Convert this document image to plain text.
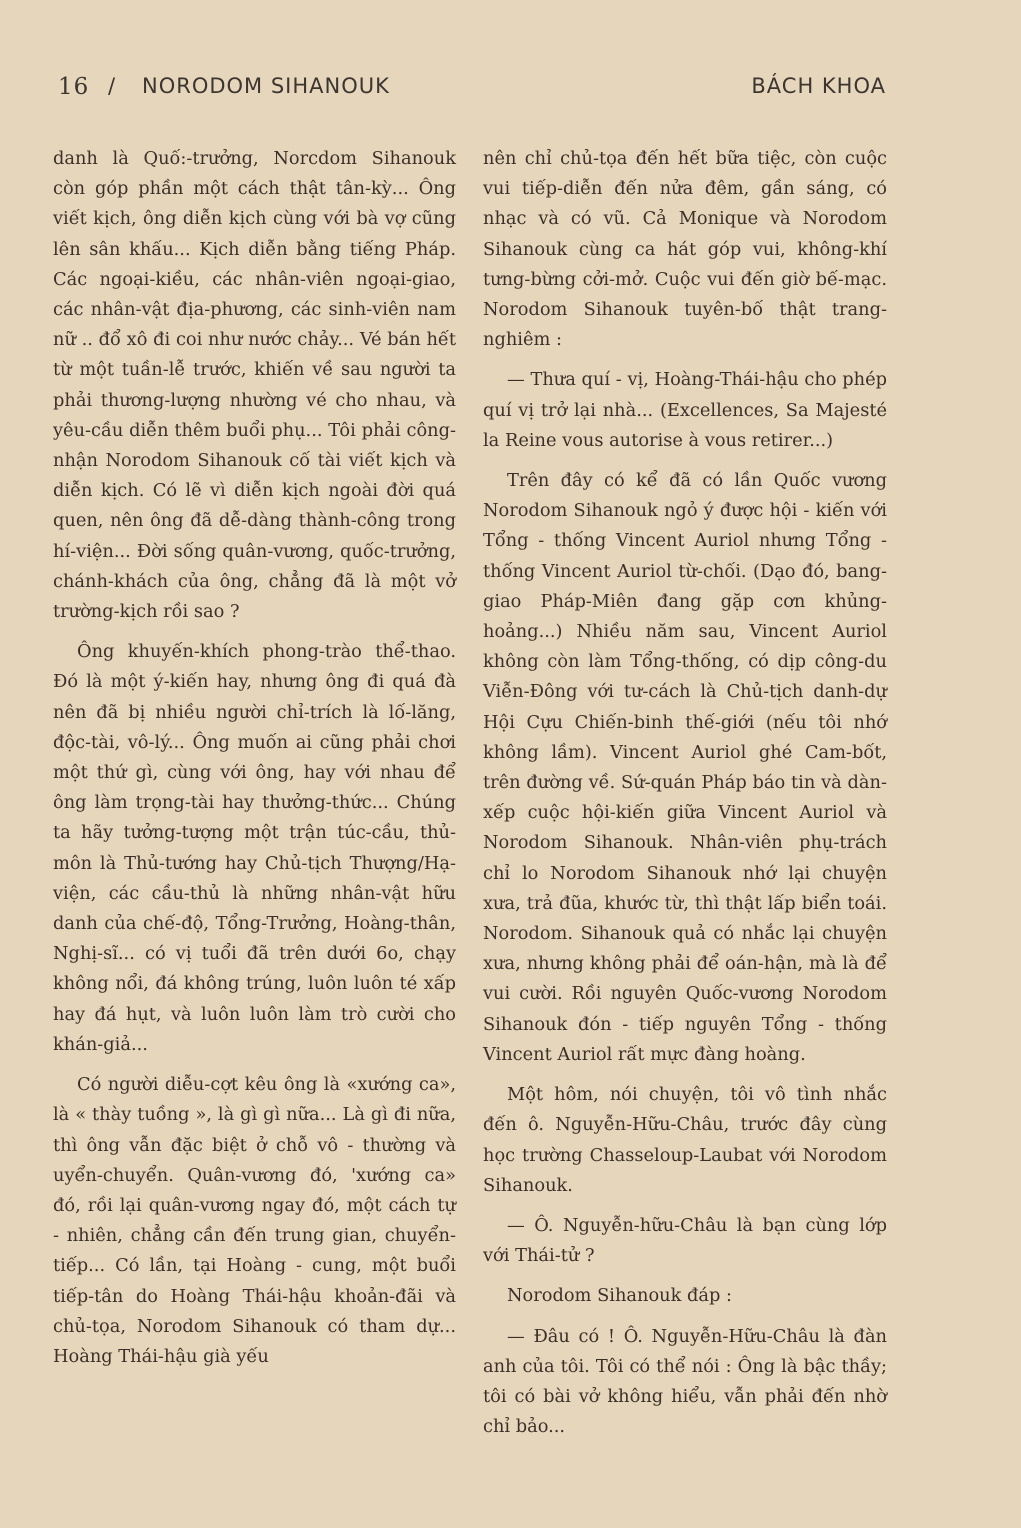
16 / NORODOM SIHANOUK	BÁCH KHOA

danh là Quố:-trưởng, Norcdom Sihanouk còn góp phần một cách thật tân-kỳ... Ông viết kịch, ông diễn kịch cùng với bà vợ cũng lên sân khấu... Kịch diễn bằng tiếng Pháp. Các ngoại-kiều, các nhân-viên ngoại-giao, các nhân-vật địa-phương, các sinh-viên nam nữ .. đổ xô đi coi như nước chảy... Vé bán hết từ một tuần-lễ trước, khiến về sau người ta phải thương-lượng nhường vé cho nhau, và yêu-cầu diễn thêm buổi phụ... Tôi phải công-nhận Norodom Sihanouk cố tài viết kịch và diễn kịch. Có lẽ vì diễn kịch ngoài đời quá quen, nên ông đã dễ-dàng thành-công trong hí-viện... Đời sống quân-vương, quốc-trưởng, chánh-khách của ông, chẳng đã là một vở trường-kịch rồi sao ?

Ông khuyến-khích phong-trào thể-thao. Đó là một ý-kiến hay, nhưng ông đi quá đà nên đã bị nhiều người chỉ-trích là lố-lăng, độc-tài, vô-lý... Ông muốn ai cũng phải chơi một thứ gì, cùng với ông, hay với nhau để ông làm trọng-tài hay thưởng-thức... Chúng ta hãy tưởng-tượng một trận túc-cầu, thủ-môn là Thủ-tướng hay Chủ-tịch Thượng/Hạ-viện, các cầu-thủ là những nhân-vật hữu danh của chế-độ, Tổng-Trưởng, Hoàng-thân, Nghị-sĩ... có vị tuổi đã trên dưới 6o, chạy không nổi, đá không trúng, luôn luôn té xấp hay đá hụt, và luôn luôn làm trò cười cho khán-giả...

Có người diễu-cợt kêu ông là «xướng ca», là « thày tuồng », là gì gì nữa... Là gì đi nữa, thì ông vẫn đặc biệt ở chỗ vô - thường và uyển-chuyển. Quân-vương đó, 'xướng ca» đó, rồi lại quân-vương ngay đó, một cách tự - nhiên, chẳng cần đến trung gian, chuyển-tiếp... Có lần, tại Hoàng - cung, một buổi tiếp-tân do Hoàng Thái-hậu khoản-đãi và chủ-tọa, Norodom Sihanouk có tham dự... Hoàng Thái-hậu già yếu

nên chỉ chủ-tọa đến hết bữa tiệc, còn cuộc vui tiếp-diễn đến nửa đêm, gần sáng, có nhạc và có vũ. Cả Monique và Norodom Sihanouk cùng ca hát góp vui, không-khí tưng-bừng cởi-mở. Cuộc vui đến giờ bế-mạc. Norodom Sihanouk tuyên-bố thật trang-nghiêm :

— Thưa quí - vị, Hoàng-Thái-hậu cho phép quí vị trở lại nhà... (Excellences, Sa Majesté la Reine vous autorise à vous retirer...)

Trên đây có kể đã có lần Quốc vương Norodom Sihanouk ngỏ ý được hội - kiến với Tổng - thống Vincent Auriol nhưng Tổng - thống Vincent Auriol từ-chối. (Dạo đó, bang-giao Pháp-Miên đang gặp cơn khủng-hoảng...) Nhiều năm sau, Vincent Auriol không còn làm Tổng-thống, có dịp công-du Viễn-Đông với tư-cách là Chủ-tịch danh-dự Hội Cựu Chiến-binh thế-giới (nếu tôi nhớ không lầm). Vincent Auriol ghé Cam-bốt, trên đường về. Sứ-quán Pháp báo tin và dàn-xếp cuộc hội-kiến giữa Vincent Auriol và Norodom Sihanouk. Nhân-viên phụ-trách chỉ lo Norodom Sihanouk nhớ lại chuyện xưa, trả đũa, khước từ, thì thật lấp biển toái. Norodom. Sihanouk quả có nhắc lại chuyện xưa, nhưng không phải để oán-hận, mà là để vui cười. Rồi nguyên Quốc-vương Norodom Sihanouk đón - tiếp nguyên Tổng - thống Vincent Auriol rất mực đàng hoàng.

Một hôm, nói chuyện, tôi vô tình nhắc đến ô. Nguyễn-Hữu-Châu, trước đây cùng học trường Chasseloup-Laubat với Norodom Sihanouk.

— Ô. Nguyễn-hữu-Châu là bạn cùng lớp với Thái-tử ?

Norodom Sihanouk đáp :

— Đâu có ! Ô. Nguyễn-Hữu-Châu là đàn anh của tôi. Tôi có thể nói : Ông là bậc thầy; tôi có bài vở không hiểu, vẫn phải đến nhờ chỉ bảo...
